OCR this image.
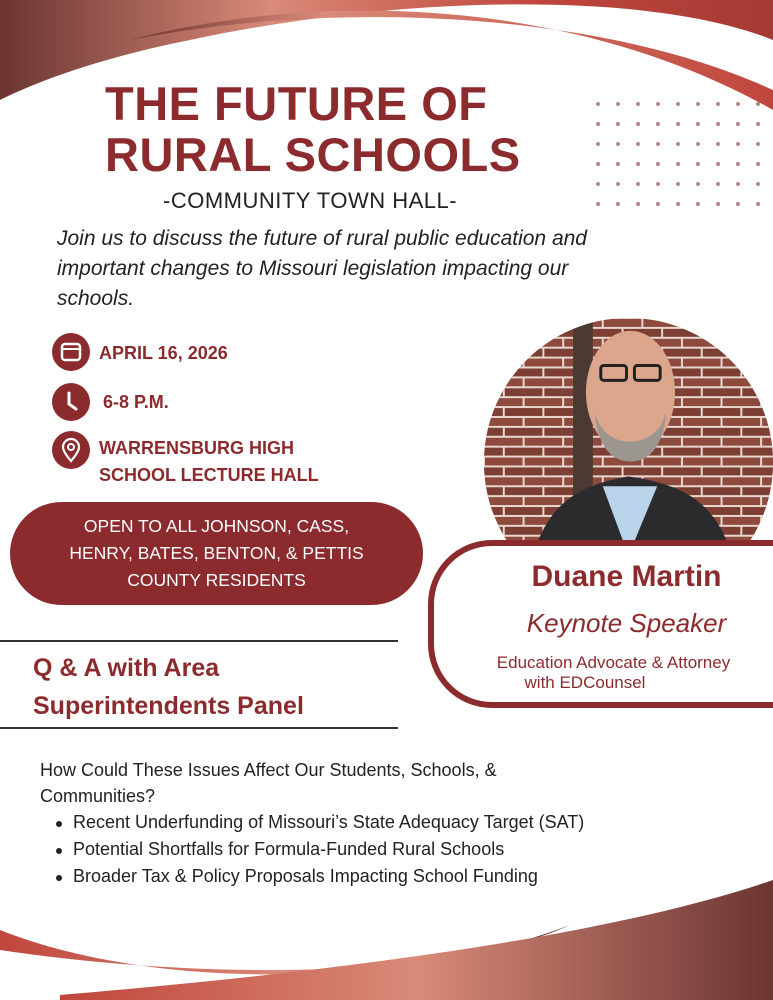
THE FUTURE OF
RURAL SCHOOLS
-COMMUNITY TOWN HALL-
Join us to discuss the future of rural public education and
important changes to Missouri legislation impacting our
schools.
APRIL 16, 2026
6-8 P.M.
WARRENSBURG HIGH
SCHOOL LECTURE HALL
OPEN TO ALL JOHNSON, CASS,
HENRY, BATES, BENTON, & PETTIS
COUNTY RESIDENTS	Duane Martin
Keynote Speaker
Education Advocate & Attorney
with EDCounsel
Q & A with Area
Superintendents Panel
How Could These Issues Affect Our Students, Schools, &
Communities?
Recent Underfunding of Missouri’s State Adequacy Target (SAT)
Potential Shortfalls for Formula-Funded Rural Schools
Broader Tax & Policy Proposals Impacting School Funding
